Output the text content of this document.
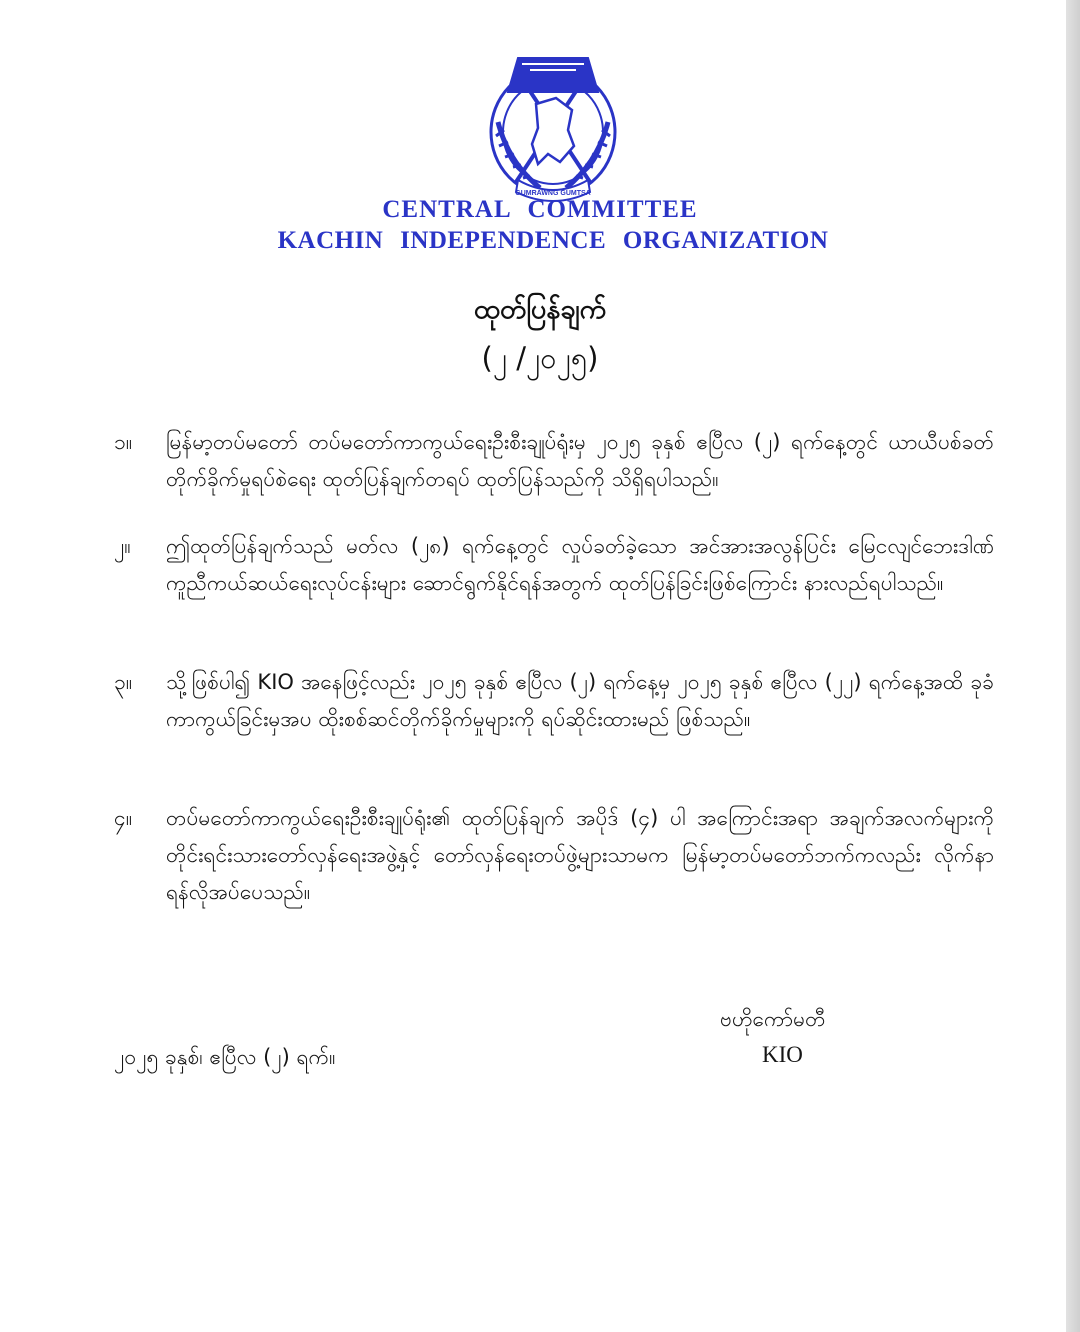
GUMRAWNG GUMTSA
CENTRAL COMMITTEE
KACHIN INDEPENDENCE ORGANIZATION
ထုတ်ပြန်ချက်
(၂ /၂၀၂၅)
၁။	မြန်မာ့တပ်မတော် တပ်မတော်ကာကွယ်ရေးဦးစီးချုပ်ရုံးမှ ၂၀၂၅ ခုနှစ် ဧပြီလ (၂) ရက်နေ့တွင် ယာယီပစ်ခတ်တိုက်ခိုက်မှုရပ်စဲရေး ထုတ်ပြန်ချက်တရပ် ထုတ်ပြန်သည်ကို သိရှိရပါသည်။
၂။	ဤထုတ်ပြန်ချက်သည် မတ်လ (၂၈) ရက်နေ့တွင် လှုပ်ခတ်ခဲ့သော အင်အားအလွန်ပြင်း မြေငလျင်ဘေးဒါဏ် ကူညီကယ်ဆယ်ရေးလုပ်ငန်းများ ဆောင်ရွက်နိုင်ရန်အတွက် ထုတ်ပြန်ခြင်းဖြစ်ကြောင်း နားလည်ရပါသည်။
၃။	သို့ဖြစ်ပါ၍ KIO အနေဖြင့်လည်း ၂၀၂၅ ခုနှစ် ဧပြီလ (၂) ရက်နေ့မှ ၂၀၂၅ ခုနှစ် ဧပြီလ (၂၂) ရက်နေ့အထိ ခုခံကာကွယ်ခြင်းမှအပ ထိုးစစ်ဆင်တိုက်ခိုက်မှုများကို ရပ်ဆိုင်းထားမည် ဖြစ်သည်။
၄။	တပ်မတော်ကာကွယ်ရေးဦးစီးချုပ်ရုံး၏ ထုတ်ပြန်ချက် အပိုဒ် (၄) ပါ အကြောင်းအရာ အချက်အလက်များကို တိုင်းရင်းသားတော်လှန်ရေးအဖွဲ့နှင့် တော်လှန်ရေးတပ်ဖွဲ့များသာမက မြန်မာ့တပ်မတော်ဘက်ကလည်း လိုက်နာရန်လိုအပ်ပေသည်။
ဗဟိုကော်မတီ
KIO
၂၀၂၅ ခုနှစ်၊ ဧပြီလ (၂) ရက်။
